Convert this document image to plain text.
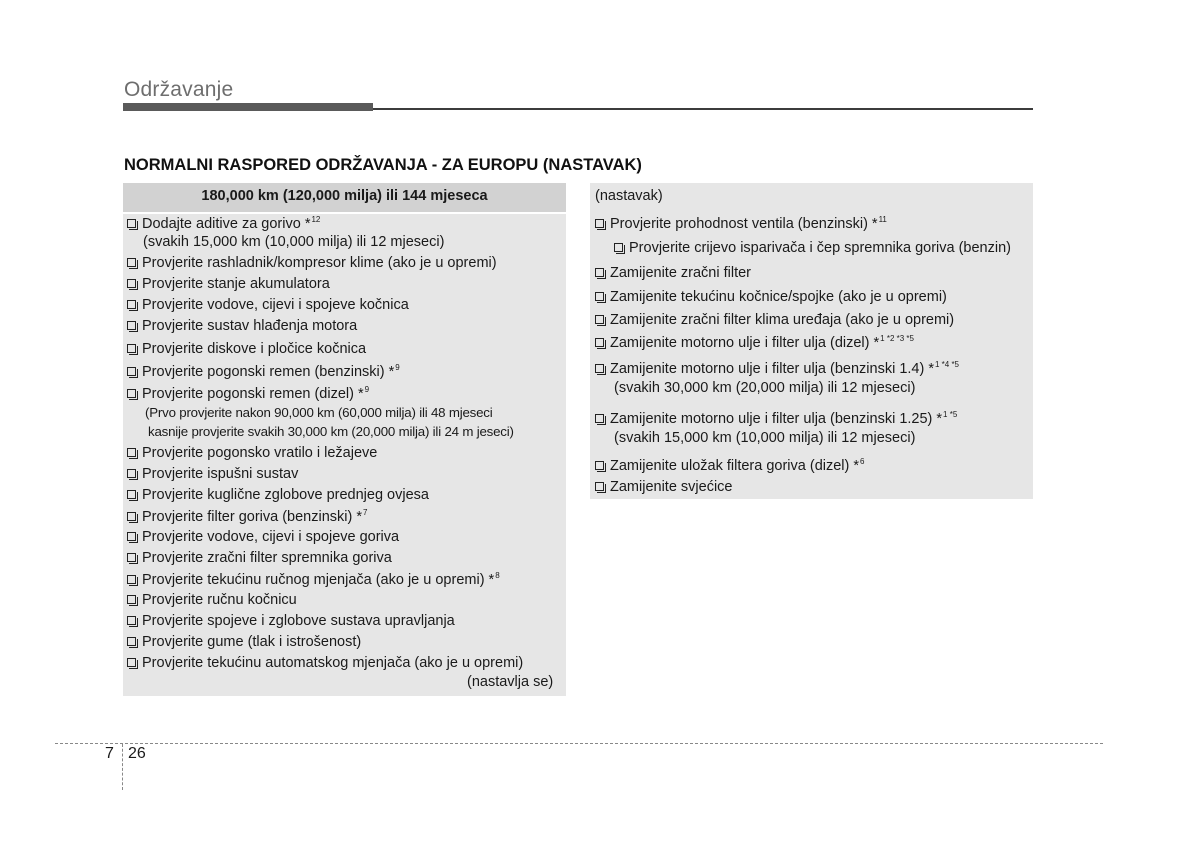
Održavanje
NORMALNI RASPORED ODRŽAVANJA - ZA EUROPU (NASTAVAK)
180,000 km (120,000 milja) ili 144 mjeseca
Dodajte aditive za gorivo *$^{12}$
(svakih 15,000 km (10,000 milja) ili 12 mjeseci)
Provjerite rashladnik/kompresor klime (ako je u opremi)
Provjerite stanje akumulatora
Provjerite vodove, cijevi i spojeve kočnica
Provjerite sustav hlađenja motora
Provjerite diskove i pločice kočnica
Provjerite pogonski remen (benzinski) *$^9$
Provjerite pogonski remen (dizel) *$^9$
(Prvo provjerite nakon 90,000 km (60,000 milja) ili 48 mjeseci
kasnije provjerite svakih 30,000 km (20,000 milja) ili 24 m jeseci)
Provjerite pogonsko vratilo i ležajeve
Provjerite ispušni sustav
Provjerite kuglične zglobove prednjeg ovjesa
Provjerite filter goriva (benzinski) *$^7$
Provjerite vodove, cijevi i spojeve goriva
Provjerite zračni filter spremnika goriva
Provjerite tekućinu ručnog mjenjača (ako je u opremi) *$^8$
Provjerite ručnu kočnicu
Provjerite spojeve i zglobove sustava upravljanja
Provjerite gume (tlak i istrošenost)
Provjerite tekućinu automatskog mjenjača (ako je u opremi)
(nastavlja se)
(nastavak)
Provjerite prohodnost ventila (benzinski) *$^{11}$
Provjerite crijevo isparivača i čep spremnika goriva (benzin)
Zamijenite zračni filter
Zamijenite tekućinu kočnice/spojke (ako je u opremi)
Zamijenite zračni filter klima uređaja (ako je u opremi)
Zamijenite motorno ulje i filter ulja (dizel) *$^{1 *2 *3 *5}$
Zamijenite motorno ulje i filter ulja (benzinski 1.4) *$^{1 *4 *5}$
(svakih 30,000 km (20,000 milja) ili 12 mjeseci)
Zamijenite motorno ulje i filter ulja (benzinski 1.25) *$^{1 *5}$
(svakih 15,000 km (10,000 milja) ili 12 mjeseci)
Zamijenite uložak filtera goriva (dizel) *$^6$
Zamijenite svjećice
7 26
